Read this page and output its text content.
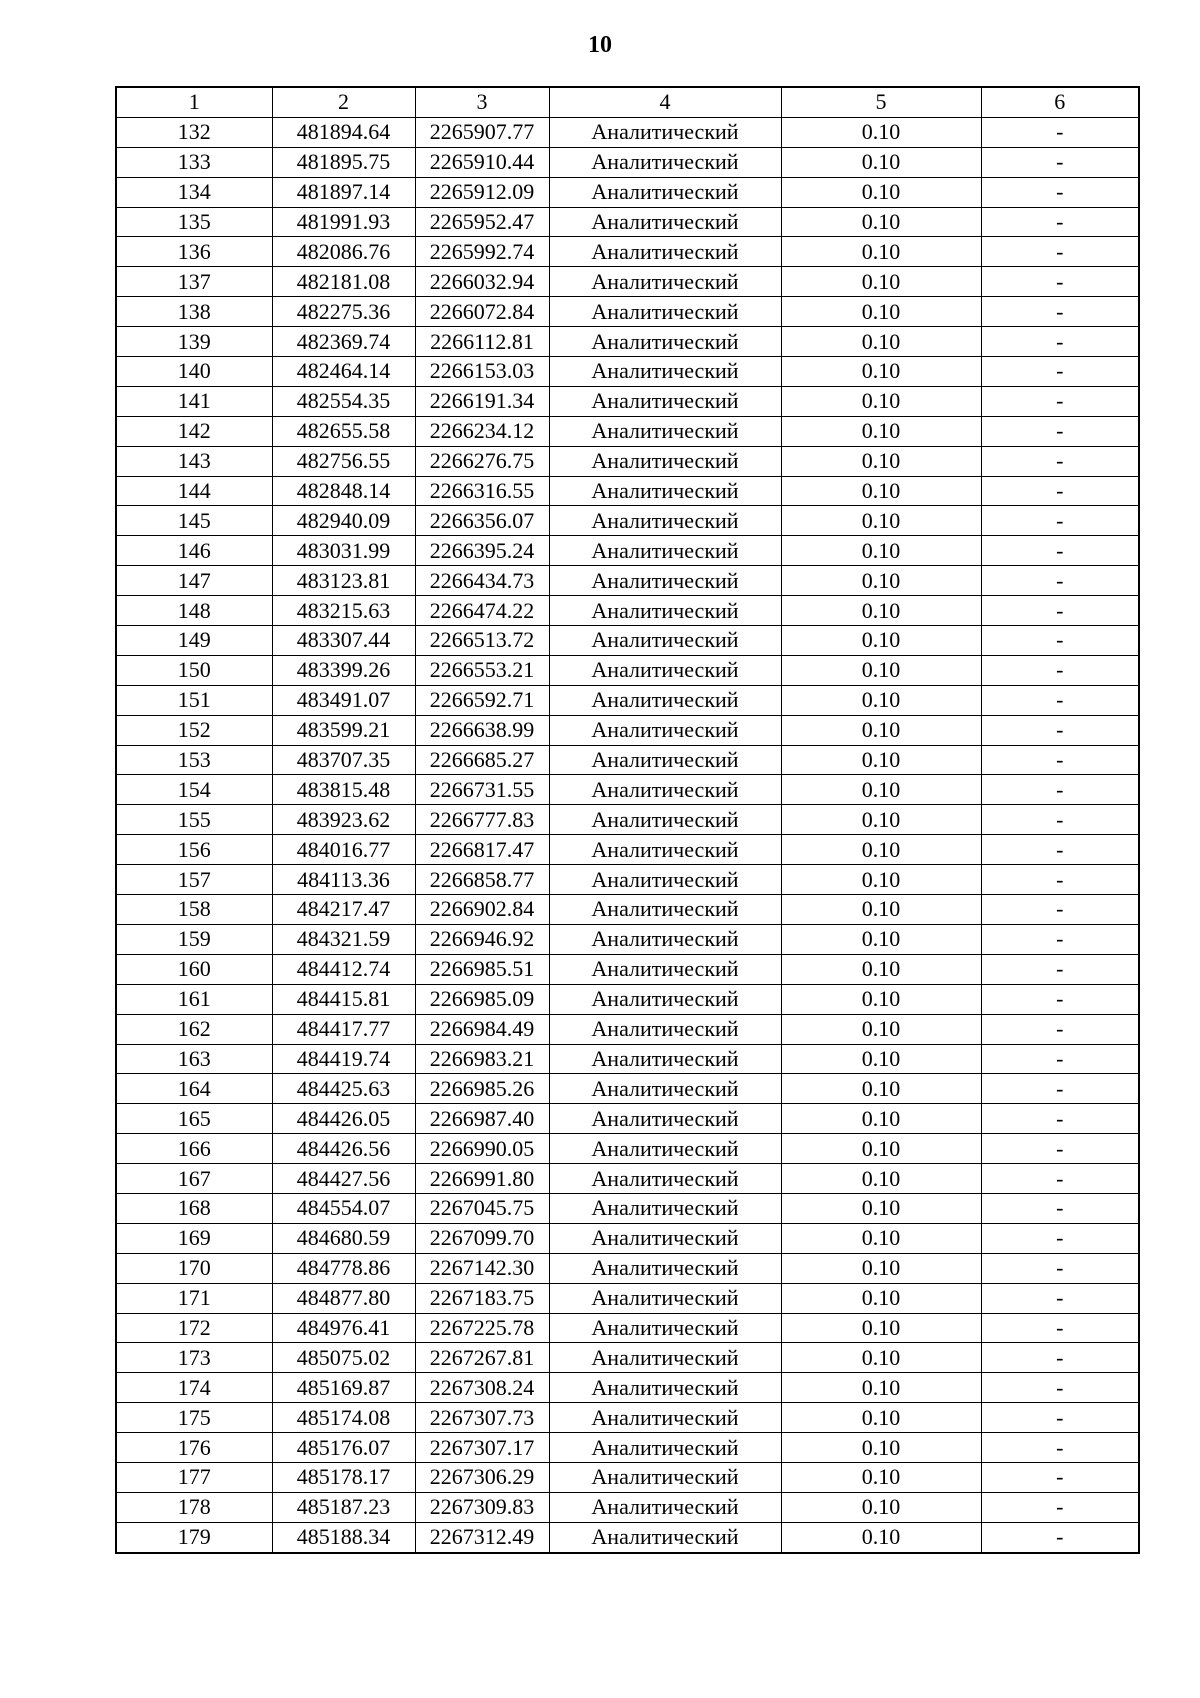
10
1	2	3	4	5	6
132	481894.64	2265907.77	Аналитический	0.10	-
133	481895.75	2265910.44	Аналитический	0.10	-
134	481897.14	2265912.09	Аналитический	0.10	-
135	481991.93	2265952.47	Аналитический	0.10	-
136	482086.76	2265992.74	Аналитический	0.10	-
137	482181.08	2266032.94	Аналитический	0.10	-
138	482275.36	2266072.84	Аналитический	0.10	-
139	482369.74	2266112.81	Аналитический	0.10	-
140	482464.14	2266153.03	Аналитический	0.10	-
141	482554.35	2266191.34	Аналитический	0.10	-
142	482655.58	2266234.12	Аналитический	0.10	-
143	482756.55	2266276.75	Аналитический	0.10	-
144	482848.14	2266316.55	Аналитический	0.10	-
145	482940.09	2266356.07	Аналитический	0.10	-
146	483031.99	2266395.24	Аналитический	0.10	-
147	483123.81	2266434.73	Аналитический	0.10	-
148	483215.63	2266474.22	Аналитический	0.10	-
149	483307.44	2266513.72	Аналитический	0.10	-
150	483399.26	2266553.21	Аналитический	0.10	-
151	483491.07	2266592.71	Аналитический	0.10	-
152	483599.21	2266638.99	Аналитический	0.10	-
153	483707.35	2266685.27	Аналитический	0.10	-
154	483815.48	2266731.55	Аналитический	0.10	-
155	483923.62	2266777.83	Аналитический	0.10	-
156	484016.77	2266817.47	Аналитический	0.10	-
157	484113.36	2266858.77	Аналитический	0.10	-
158	484217.47	2266902.84	Аналитический	0.10	-
159	484321.59	2266946.92	Аналитический	0.10	-
160	484412.74	2266985.51	Аналитический	0.10	-
161	484415.81	2266985.09	Аналитический	0.10	-
162	484417.77	2266984.49	Аналитический	0.10	-
163	484419.74	2266983.21	Аналитический	0.10	-
164	484425.63	2266985.26	Аналитический	0.10	-
165	484426.05	2266987.40	Аналитический	0.10	-
166	484426.56	2266990.05	Аналитический	0.10	-
167	484427.56	2266991.80	Аналитический	0.10	-
168	484554.07	2267045.75	Аналитический	0.10	-
169	484680.59	2267099.70	Аналитический	0.10	-
170	484778.86	2267142.30	Аналитический	0.10	-
171	484877.80	2267183.75	Аналитический	0.10	-
172	484976.41	2267225.78	Аналитический	0.10	-
173	485075.02	2267267.81	Аналитический	0.10	-
174	485169.87	2267308.24	Аналитический	0.10	-
175	485174.08	2267307.73	Аналитический	0.10	-
176	485176.07	2267307.17	Аналитический	0.10	-
177	485178.17	2267306.29	Аналитический	0.10	-
178	485187.23	2267309.83	Аналитический	0.10	-
179	485188.34	2267312.49	Аналитический	0.10	-
